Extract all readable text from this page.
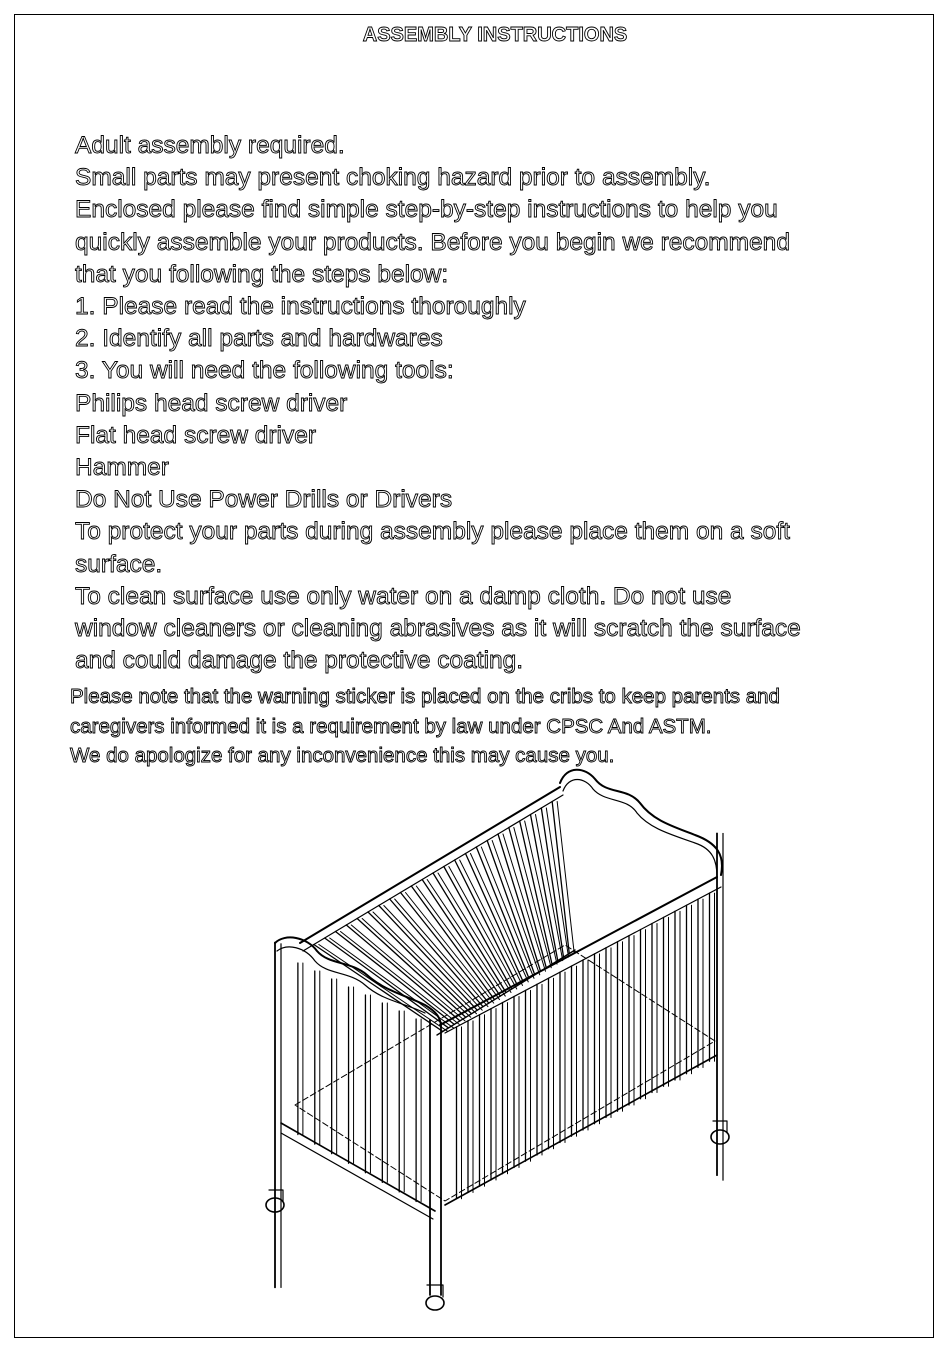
ASSEMBLY INSTRUCTIONS
Adult assembly required.
Small parts may present choking hazard prior to assembly.
Enclosed please find simple step-by-step instructions to help you
quickly assemble your products. Before you begin we recommend
that you following the steps below:
1. Please read the instructions thoroughly
2. Identify all parts and hardwares
3. You will need the following tools:
Philips head screw driver
Flat head screw driver
Hammer
Do Not Use Power Drills or Drivers
To protect your parts during assembly please place them on a soft
surface.
To clean surface use only water on a damp cloth. Do not use
window cleaners or cleaning abrasives as it will scratch the surface
and could damage the protective coating.
Please note that the warning sticker is placed on the cribs to keep parents and
caregivers informed it is a requirement by law under CPSC And ASTM.
We do apologize for any inconvenience this may cause you.
